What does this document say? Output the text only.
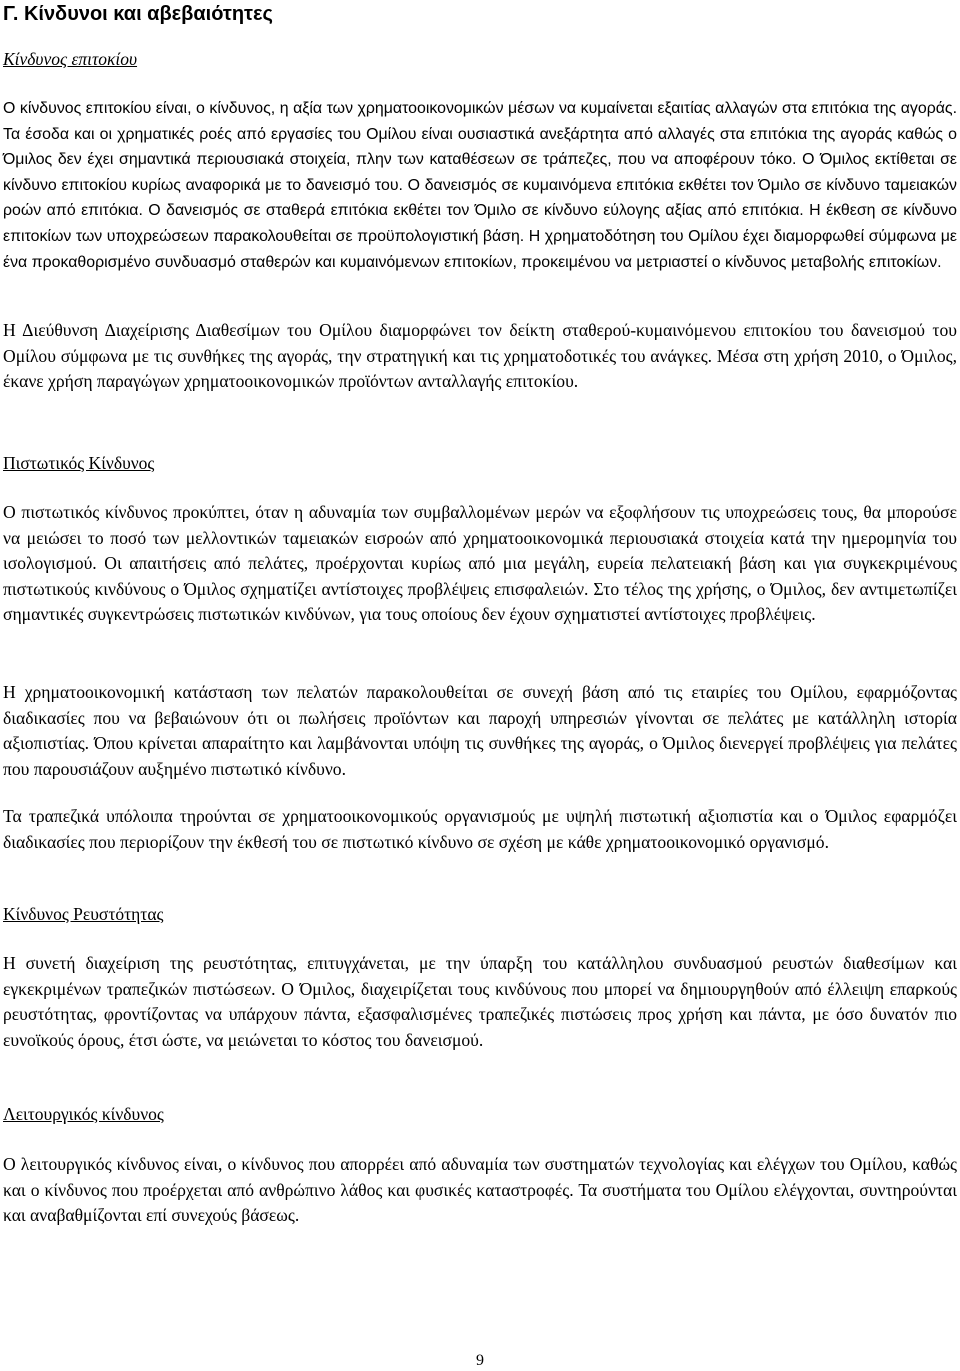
Γ. Κίνδυνοι και αβεβαιότητες

Κίνδυνος επιτοκίου

Ο κίνδυνος επιτοκίου είναι, ο κίνδυνος, η αξία των χρηματοοικονομικών μέσων να κυμαίνεται εξαιτίας αλλαγών στα επιτόκια της αγοράς. Τα έσοδα και οι χρηματικές ροές από εργασίες του Ομίλου είναι ουσιαστικά ανεξάρτητα από αλλαγές στα επιτόκια της αγοράς καθώς ο Όμιλος δεν έχει σημαντικά περιουσιακά στοιχεία, πλην των καταθέσεων σε τράπεζες, που να αποφέρουν τόκο. Ο Όμιλος εκτίθεται σε κίνδυνο επιτοκίου κυρίως αναφορικά με το δανεισμό του. Ο δανεισμός σε κυμαινόμενα επιτόκια εκθέτει τον Όμιλο σε κίνδυνο ταμειακών ροών από επιτόκια. Ο δανεισμός σε σταθερά επιτόκια εκθέτει τον Όμιλο σε κίνδυνο εύλογης αξίας από επιτόκια. Η έκθεση σε κίνδυνο επιτοκίων των υποχρεώσεων παρακολουθείται σε προϋπολογιστική βάση. Η χρηματοδότηση του Ομίλου έχει διαμορφωθεί σύμφωνα με ένα προκαθορισμένο συνδυασμό σταθερών και κυμαινόμενων επιτοκίων, προκειμένου να μετριαστεί ο κίνδυνος μεταβολής επιτοκίων.

Η Διεύθυνση Διαχείρισης Διαθεσίμων του Ομίλου διαμορφώνει τον δείκτη σταθερού-κυμαινόμενου επιτοκίου του δανεισμού του Ομίλου σύμφωνα με τις συνθήκες της αγοράς, την στρατηγική και τις χρηματοδοτικές του ανάγκες. Μέσα στη χρήση 2010, ο Όμιλος, έκανε χρήση παραγώγων χρηματοοικονομικών προϊόντων ανταλλαγής επιτοκίου.

Πιστωτικός Κίνδυνος

Ο πιστωτικός κίνδυνος προκύπτει, όταν η αδυναμία των συμβαλλομένων μερών να εξοφλήσουν τις υποχρεώσεις τους, θα μπορούσε να μειώσει το ποσό των μελλοντικών ταμειακών εισροών από χρηματοοικονομικά περιουσιακά στοιχεία κατά την ημερομηνία του ισολογισμού. Οι απαιτήσεις από πελάτες, προέρχονται κυρίως από μια μεγάλη, ευρεία πελατειακή βάση και για συγκεκριμένους πιστωτικούς κινδύνους ο Όμιλος σχηματίζει αντίστοιχες προβλέψεις επισφαλειών. Στο τέλος της χρήσης, ο Όμιλος, δεν αντιμετωπίζει σημαντικές συγκεντρώσεις πιστωτικών κινδύνων, για τους οποίους δεν έχουν σχηματιστεί αντίστοιχες προβλέψεις.

Η χρηματοοικονομική κατάσταση των πελατών παρακολουθείται σε συνεχή βάση από τις εταιρίες του Ομίλου, εφαρμόζοντας διαδικασίες που να βεβαιώνουν ότι οι πωλήσεις προϊόντων και παροχή υπηρεσιών γίνονται σε πελάτες με κατάλληλη ιστορία αξιοπιστίας. Όπου κρίνεται απαραίτητο και λαμβάνονται υπόψη τις συνθήκες της αγοράς, ο Όμιλος διενεργεί προβλέψεις για πελάτες που παρουσιάζουν αυξημένο πιστωτικό κίνδυνο.

Τα τραπεζικά υπόλοιπα τηρούνται σε χρηματοοικονομικούς οργανισμούς με υψηλή πιστωτική αξιοπιστία και ο Όμιλος εφαρμόζει διαδικασίες που περιορίζουν την έκθεσή του σε πιστωτικό κίνδυνο σε σχέση με κάθε χρηματοοικονομικό οργανισμό.

Κίνδυνος Ρευστότητας

Η συνετή διαχείριση της ρευστότητας, επιτυγχάνεται, με την ύπαρξη του κατάλληλου συνδυασμού ρευστών διαθεσίμων και εγκεκριμένων τραπεζικών πιστώσεων. Ο Όμιλος, διαχειρίζεται τους κινδύνους που μπορεί να δημιουργηθούν από έλλειψη επαρκούς ρευστότητας, φροντίζοντας να υπάρχουν πάντα, εξασφαλισμένες τραπεζικές πιστώσεις προς χρήση και πάντα, με όσο δυνατόν πιο ευνοϊκούς όρους, έτσι ώστε, να μειώνεται το κόστος του δανεισμού.

Λειτουργικός κίνδυνος

Ο λειτουργικός κίνδυνος είναι, ο κίνδυνος που απορρέει από αδυναμία των συστηματών τεχνολογίας και ελέγχων του Ομίλου, καθώς και ο κίνδυνος που προέρχεται από ανθρώπινο λάθος και φυσικές καταστροφές. Τα συστήματα του Ομίλου ελέγχονται, συντηρούνται και αναβαθμίζονται επί συνεχούς βάσεως.

9
